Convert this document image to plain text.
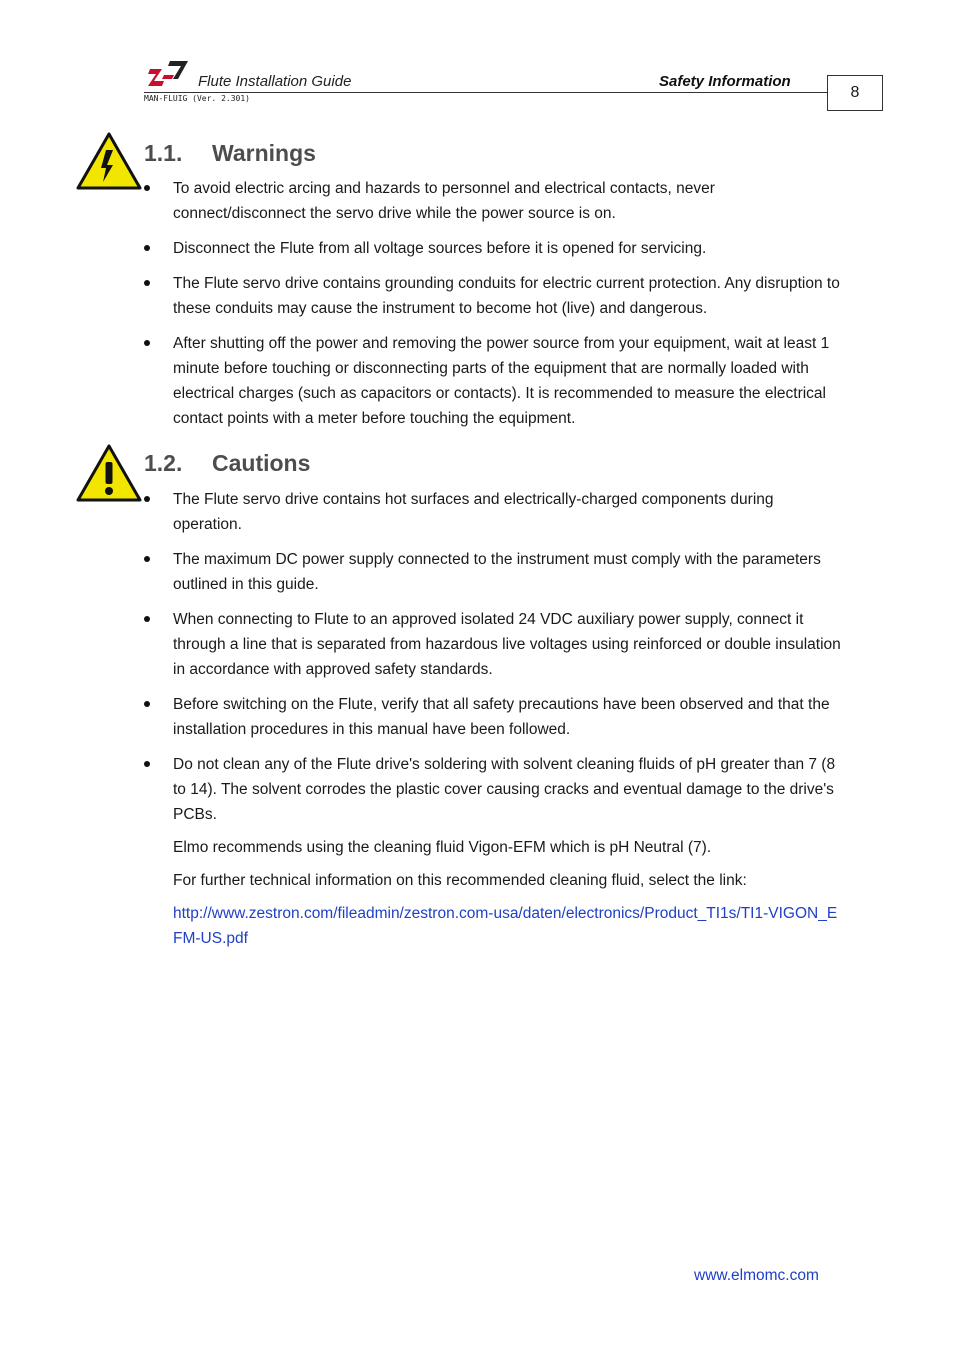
Flute Installation Guide	Safety Information
MAN-FLUIG (Ver. 2.301)	8
1.1. Warnings
To avoid electric arcing and hazards to personnel and electrical contacts, never connect/disconnect the servo drive while the power source is on.
Disconnect the Flute from all voltage sources before it is opened for servicing.
The Flute servo drive contains grounding conduits for electric current protection. Any disruption to these conduits may cause the instrument to become hot (live) and dangerous.
After shutting off the power and removing the power source from your equipment, wait at least 1 minute before touching or disconnecting parts of the equipment that are normally loaded with electrical charges (such as capacitors or contacts). It is recommended to measure the electrical contact points with a meter before touching the equipment.
1.2. Cautions
The Flute servo drive contains hot surfaces and electrically-charged components during operation.
The maximum DC power supply connected to the instrument must comply with the parameters outlined in this guide.
When connecting to Flute to an approved isolated 24 VDC auxiliary power supply, connect it through a line that is separated from hazardous live voltages using reinforced or double insulation in accordance with approved safety standards.
Before switching on the Flute, verify that all safety precautions have been observed and that the installation procedures in this manual have been followed.
Do not clean any of the Flute drive's soldering with solvent cleaning fluids of pH greater than 7 (8 to 14). The solvent corrodes the plastic cover causing cracks and eventual damage to the drive's PCBs.

Elmo recommends using the cleaning fluid Vigon-EFM which is pH Neutral (7).

For further technical information on this recommended cleaning fluid, select the link:

http://www.zestron.com/fileadmin/zestron.com-usa/daten/electronics/Product_TI1s/TI1-VIGON_EFM-US.pdf

www.elmomc.com
